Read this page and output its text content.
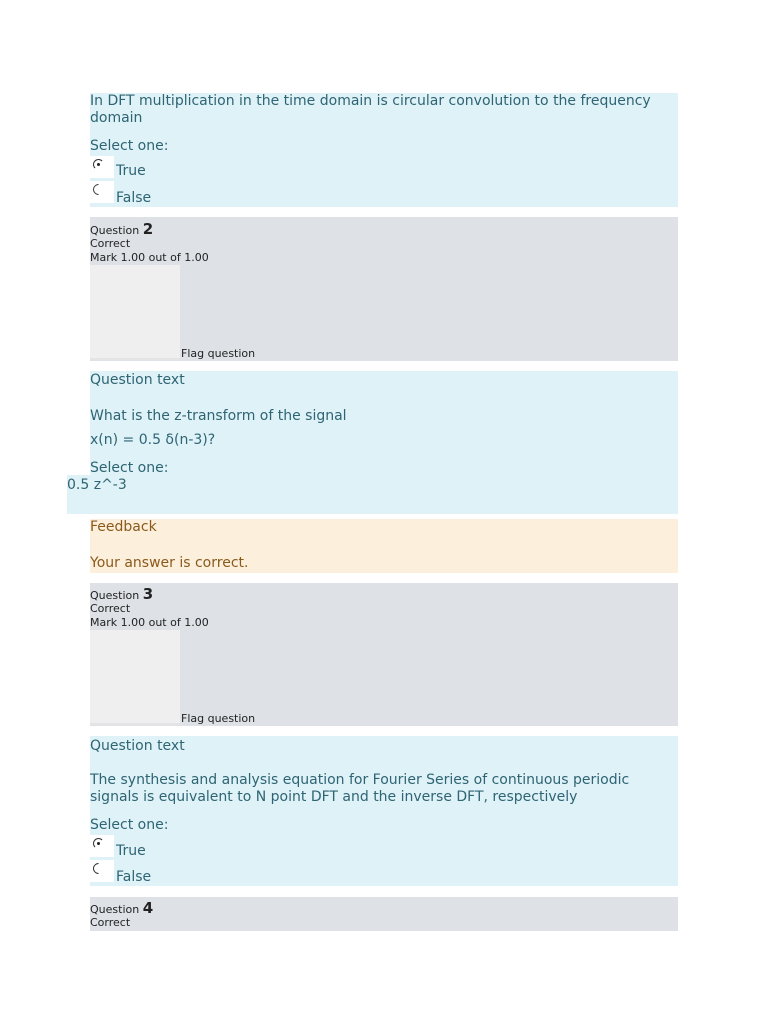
In DFT multiplication in the time domain is circular convolution to the frequency domain
Select one:
True
False
Question 2
Correct
Mark 1.00 out of 1.00
Flag question
Question text
What is the z-transform of the signal
x(n) = 0.5 δ(n-3)?
Select one:
0.5 z^-3
Feedback
Your answer is correct.
Question 3
Correct
Mark 1.00 out of 1.00
Flag question
Question text
The synthesis and analysis equation for Fourier Series of continuous periodic signals is equivalent to N point DFT and the inverse DFT, respectively
Select one:
True
False
Question 4
Correct
